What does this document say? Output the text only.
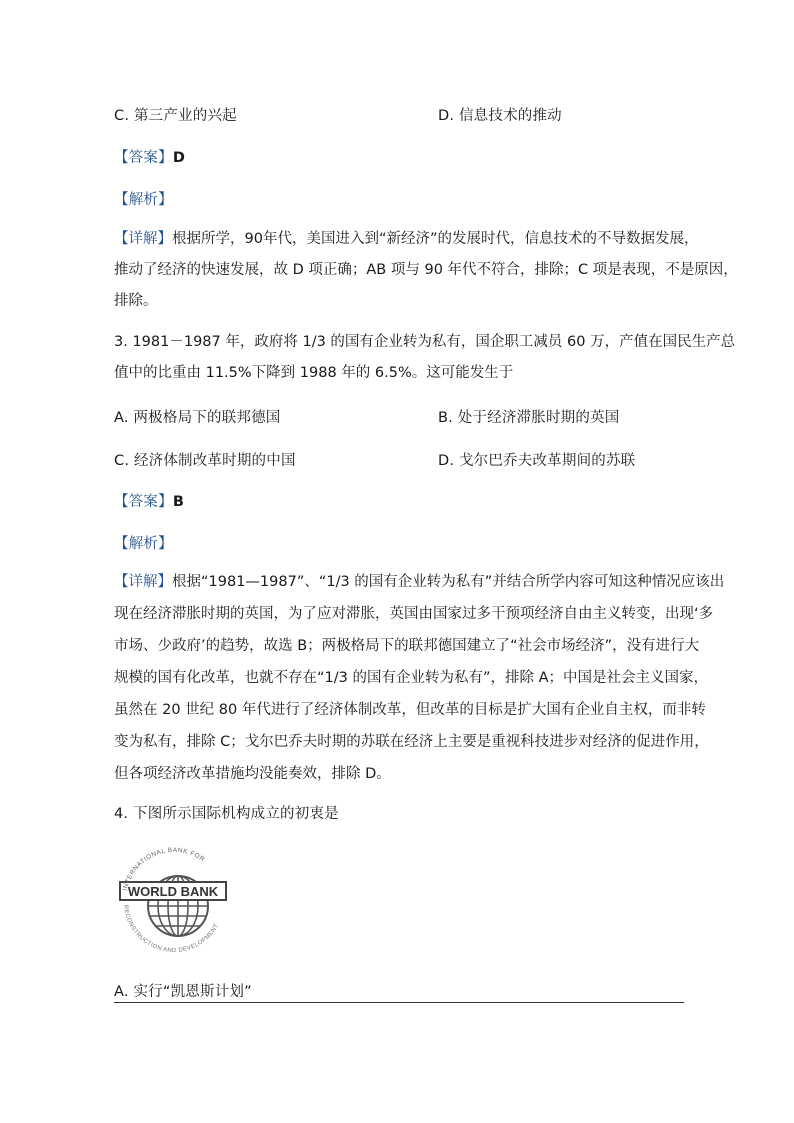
C. 第三产业的兴起	D. 信息技术的推动
【答案】D
【解析】
【详解】根据所学，90年代，美国进入到“新经济”的发展时代，信息技术的不导数据发展，
推动了经济的快速发展，故 D 项正确；AB 项与 90 年代不符合，排除；C 项是表现，不是原因，
排除。
3. 1981－1987 年，政府将 1/3 的国有企业转为私有，国企职工减员 60 万，产值在国民生产总
值中的比重由 11.5%下降到 1988 年的 6.5%。这可能发生于
A. 两极格局下的联邦德国	B. 处于经济滞胀时期的英国
C. 经济体制改革时期的中国	D. 戈尔巴乔夫改革期间的苏联
【答案】B
【解析】
【详解】根据“1981—1987”、“1/3 的国有企业转为私有”并结合所学内容可知这种情况应该出
现在经济滞胀时期的英国，为了应对滞胀，英国由国家过多干预项经济自由主义转变，出现‘多
市场、少政府’的趋势，故选 B；两极格局下的联邦德国建立了“社会市场经济”，没有进行大
规模的国有化改革，也就不存在“1/3 的国有企业转为私有”，排除 A；中国是社会主义国家，
虽然在 20 世纪 80 年代进行了经济体制改革，但改革的目标是扩大国有企业自主权，而非转
变为私有，排除 C；戈尔巴乔夫时期的苏联在经济上主要是重视科技进步对经济的促进作用，
但各项经济改革措施均没能奏效，排除 D。
4. 下图所示国际机构成立的初衷是
WORLD BANK
INTERNATIONAL BANK FOR
RECONSTRUCTION AND DEVELOPMENT
A. 实行“凯恩斯计划”
